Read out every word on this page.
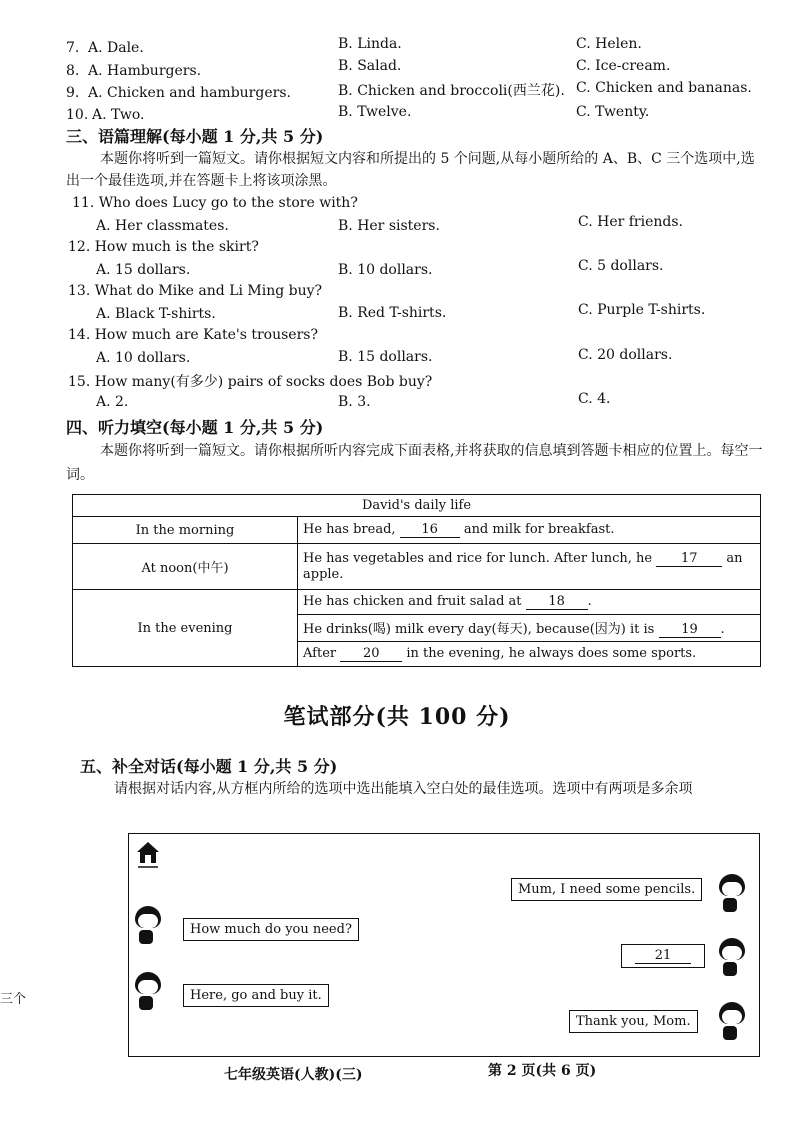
7. A. Dale.	B. Linda.	C. Helen.
8. A. Hamburgers.	B. Salad.	C. Ice-cream.
9. A. Chicken and hamburgers.	B. Chicken and broccoli(西兰花). C. Chicken and bananas.
10. A. Two.	B. Twelve.	C. Twenty.
三、语篇理解(每小题 1 分,共 5 分)
本题你将听到一篇短文。请你根据短文内容和所提出的 5 个问题,从每小题所给的 A、B、C 三个选项中,选出一个最佳选项,并在答题卡上将该项涂黑。
11. Who does Lucy go to the store with?
A. Her classmates.	B. Her sisters.	C. Her friends.
12. How much is the skirt?
A. 15 dollars.	B. 10 dollars.	C. 5 dollars.
13. What do Mike and Li Ming buy?
A. Black T-shirts.	B. Red T-shirts.	C. Purple T-shirts.
14. How much are Kate's trousers?
A. 10 dollars.	B. 15 dollars.	C. 20 dollars.
15. How many(有多少) pairs of socks does Bob buy?
A. 2.	B. 3.	C. 4.
四、听力填空(每小题 1 分,共 5 分)
本题你将听到一篇短文。请你根据所听内容完成下面表格,并将获取的信息填到答题卡相应的位置上。每空一词。
David's daily life	
In the morning	He has bread, 16 and milk for breakfast.
At noon(中午)	He has vegetables and rice for lunch. After lunch, he 17 an
apple.
In the evening	He has chicken and fruit salad at 18 .
	He drinks(喝) milk every day(每天), because(因为) it is 19 .
	After 20 in the evening, he always does some sports.
笔试部分(共 100 分)
五、补全对话(每小题 1 分,共 5 分)
请根据对话内容,从方框内所给的选项中选出能填入空白处的最佳选项。选项中有两项是多余项
三个
Mum, I need some pencils.
How much do you need?
21
Here, go and buy it.
Thank you, Mom.
七年级英语(人教)(三)	第 2 页(共 6 页)
